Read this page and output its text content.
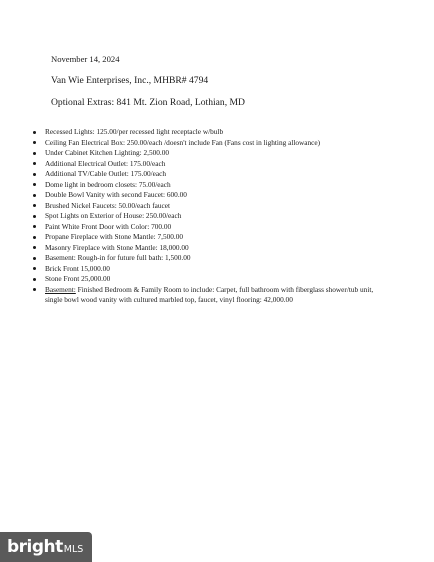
November 14, 2024
Van Wie Enterprises, Inc., MHBR# 4794
Optional Extras: 841 Mt. Zion Road, Lothian, MD
Recessed Lights: 125.00/per recessed light receptacle w/bulb
Ceiling Fan Electrical Box: 250.00/each /doesn't include Fan (Fans cost in lighting allowance)
Under Cabinet Kitchen Lighting: 2,500.00
Additional Electrical Outlet: 175.00/each
Additional TV/Cable Outlet: 175.00/each
Dome light in bedroom closets: 75.00/each
Double Bowl Vanity with second Faucet: 600.00
Brushed Nickel Faucets: 50.00/each faucet
Spot Lights on Exterior of House: 250.00/each
Paint White Front Door with Color: 700.00
Propane Fireplace with Stone Mantle: 7,500.00
Masonry Fireplace with Stone Mantle: 18,000.00
Basement: Rough-in for future full bath: 1,500.00
Brick Front 15,000.00
Stone Front 25,000.00
Basement: Finished Bedroom & Family Room to include: Carpet, full bathroom with fiberglass shower/tub unit, single bowl wood vanity with cultured marbled top, faucet, vinyl flooring: 42,000.00
bright MLS
